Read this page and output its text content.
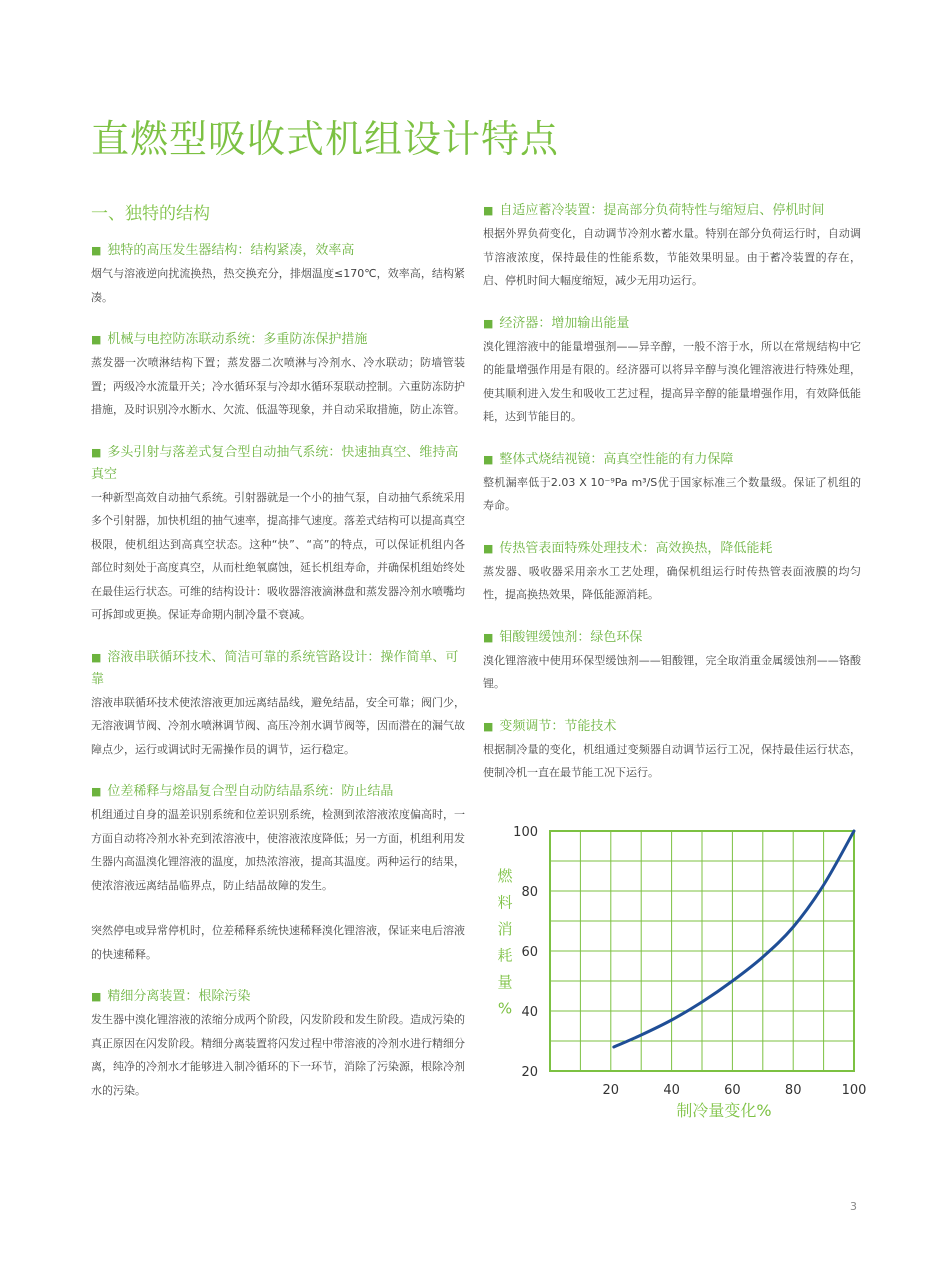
直燃型吸收式机组设计特点
一、独特的结构

■ 独特的高压发生器结构：结构紧凑，效率高

烟气与溶液逆向扰流换热，热交换充分，排烟温度≤170℃，效率高，结构紧凑。

■ 机械与电控防冻联动系统：多重防冻保护措施

蒸发器一次喷淋结构下置；蒸发器二次喷淋与冷剂水、冷水联动；防墙管装置；两级冷水流量开关；冷水循环泵与冷却水循环泵联动控制。六重防冻防护措施，及时识别冷水断水、欠流、低温等现象，并自动采取措施，防止冻管。

■ 多头引射与落差式复合型自动抽气系统：快速抽真空、维持高真空

一种新型高效自动抽气系统。引射器就是一个小的抽气泵，自动抽气系统采用多个引射器，加快机组的抽气速率，提高排气速度。落差式结构可以提高真空极限，使机组达到高真空状态。这种“快”、“高”的特点，可以保证机组内各部位时刻处于高度真空，从而杜绝氧腐蚀，延长机组寿命，并确保机组始终处在最佳运行状态。可维的结构设计：吸收器溶液滴淋盘和蒸发器冷剂水喷嘴均可拆卸或更换。保证寿命期内制冷量不衰减。

■ 溶液串联循环技术、简洁可靠的系统管路设计：操作简单、可靠

溶液串联循环技术使浓溶液更加远离结晶线，避免结晶，安全可靠；阀门少，无溶液调节阀、冷剂水喷淋调节阀、高压冷剂水调节阀等，因而潜在的漏气故障点少，运行或调试时无需操作员的调节，运行稳定。

■ 位差稀释与熔晶复合型自动防结晶系统：防止结晶

机组通过自身的温差识别系统和位差识别系统，检测到浓溶液浓度偏高时，一方面自动将冷剂水补充到浓溶液中，使溶液浓度降低；另一方面，机组利用发生器内高温溴化锂溶液的温度，加热浓溶液，提高其温度。两种运行的结果，使浓溶液远离结晶临界点，防止结晶故障的发生。

突然停电或异常停机时，位差稀释系统快速稀释溴化锂溶液，保证来电后溶液的快速稀释。

■ 精细分离装置：根除污染

发生器中溴化锂溶液的浓缩分成两个阶段，闪发阶段和发生阶段。造成污染的真正原因在闪发阶段。精细分离装置将闪发过程中带溶液的冷剂水进行精细分离，纯净的冷剂水才能够进入制冷循环的下一环节，消除了污染源，根除冷剂水的污染。

■ 自适应蓄冷装置：提高部分负荷特性与缩短启、停机时间

根据外界负荷变化，自动调节冷剂水蓄水量。特别在部分负荷运行时，自动调节溶液浓度，保持最佳的性能系数，节能效果明显。由于蓄冷装置的存在，启、停机时间大幅度缩短，减少无用功运行。

■ 经济器：增加输出能量

溴化锂溶液中的能量增强剂——异辛醇，一般不溶于水，所以在常规结构中它的能量增强作用是有限的。经济器可以将异辛醇与溴化锂溶液进行特殊处理，使其顺利进入发生和吸收工艺过程，提高异辛醇的能量增强作用，有效降低能耗，达到节能目的。

■ 整体式烧结视镜：高真空性能的有力保障

整机漏率低于2.03 X 10⁻⁹Pa m³/S优于国家标准三个数量级。保证了机组的寿命。

■ 传热管表面特殊处理技术：高效换热，降低能耗

蒸发器、吸收器采用亲水工艺处理，确保机组运行时传热管表面液膜的均匀性，提高换热效果，降低能源消耗。

■ 钼酸锂缓蚀剂：绿色环保

溴化锂溶液中使用环保型缓蚀剂——钼酸锂，完全取消重金属缓蚀剂——铬酸锂。

■ 变频调节：节能技术

根据制冷量的变化，机组通过变频器自动调节运行工况，保持最佳运行状态，使制冷机一直在最节能工况下运行。

20	40	60	80	100
20
40
60
80
100
制冷量变化%
燃料消耗量%
3
